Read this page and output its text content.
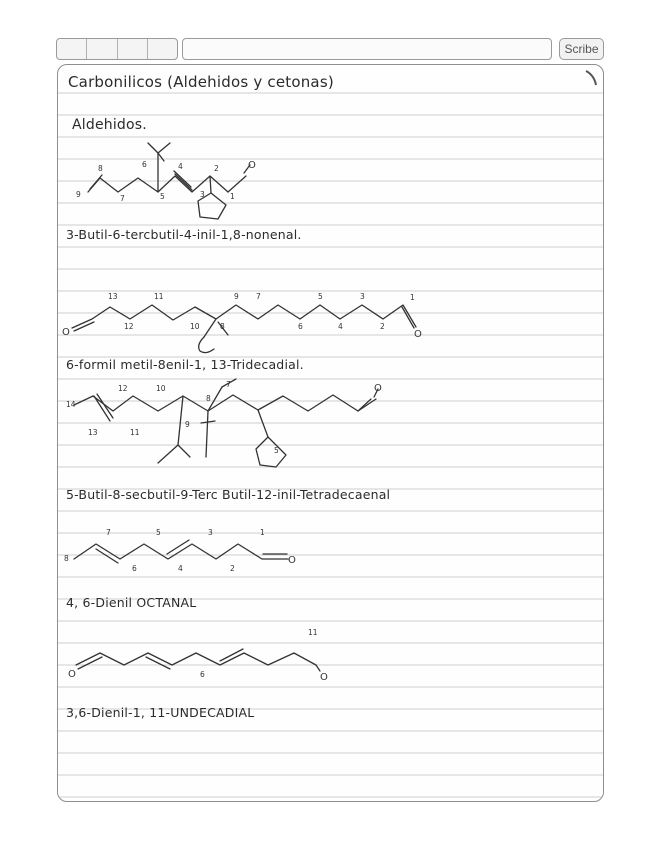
Scribe
9
8
7
6
5
4
3
2
1
1
2
3
4
5
6
7
8
9
10
11
12
13
14
13
12
11
10
9
8
7
5
8
7
6
5
4
3
2
1
11
6
O
O	O
O
O
O	O
Carbonilicos (Aldehidos y cetonas)
Aldehidos.
3-Butil-6-tercbutil-4-inil-1,8-nonenal.
6-formil metil-8enil-1, 13-Tridecadial.
5-Butil-8-secbutil-9-Terc Butil-12-inil-Tetradecaenal
4, 6-Dienil OCTANAL
3,6-Dienil-1, 11-UNDECADIAL
